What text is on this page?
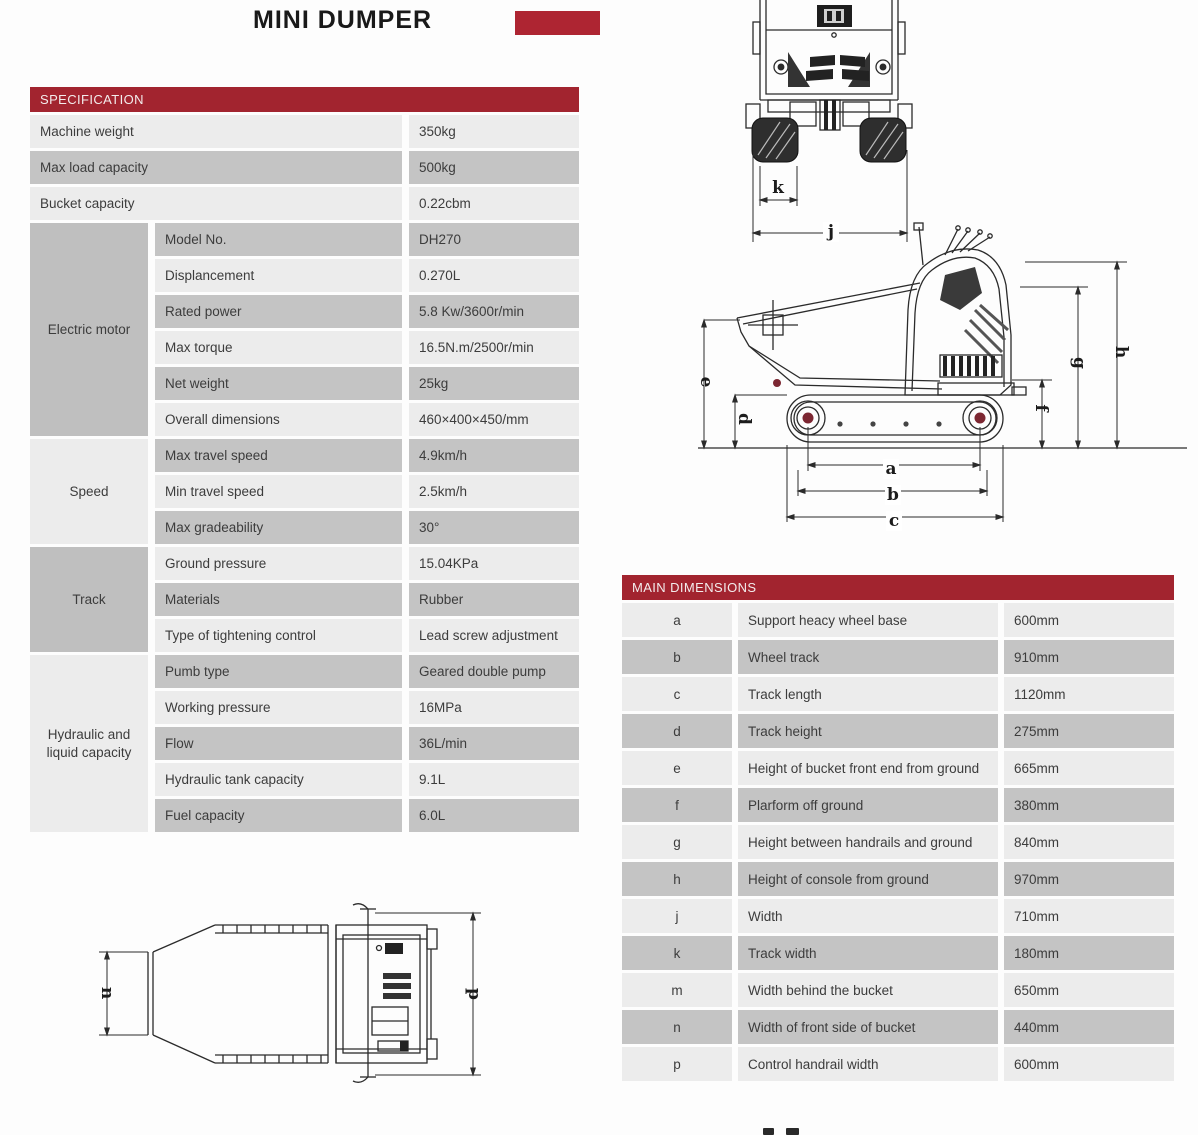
MINI DUMPER
SPECIFICATION
Machine weight	350kg
Max load capacity	500kg
Bucket capacity	0.22cbm
Electric motor
Model No.	DH270
Displancement	0.270L
Rated power	5.8 Kw/3600r/min
Max torque	16.5N.m/2500r/min
Net weight	25kg
Overall dimensions	460×400×450/mm
Speed
Max travel speed	4.9km/h
Min travel speed	2.5km/h
Max gradeability	30°
Track
Ground pressure	15.04KPa
Materials	Rubber
Type of tightening control	Lead screw adjustment
Hydraulic and liquid capacity
Pumb type	Geared double pump
Working pressure	16MPa
Flow	36L/min
Hydraulic tank capacity	9.1L
Fuel capacity	6.0L
MAIN DIMENSIONS
a	Support heacy wheel base	600mm
b	Wheel track	910mm
c	Track length	1120mm
d	Track height	275mm
e	Height of bucket front end from ground	665mm
f	Plarform off ground	380mm
g	Height between handrails and ground	840mm
h	Height of console from ground	970mm
j	Width	710mm
k	Track width	180mm
m	Width behind the bucket	650mm
n	Width of front side of bucket	440mm
p	Control handrail width	600mm
k
j
e
d
a
b
c
f
g
h
n	p
